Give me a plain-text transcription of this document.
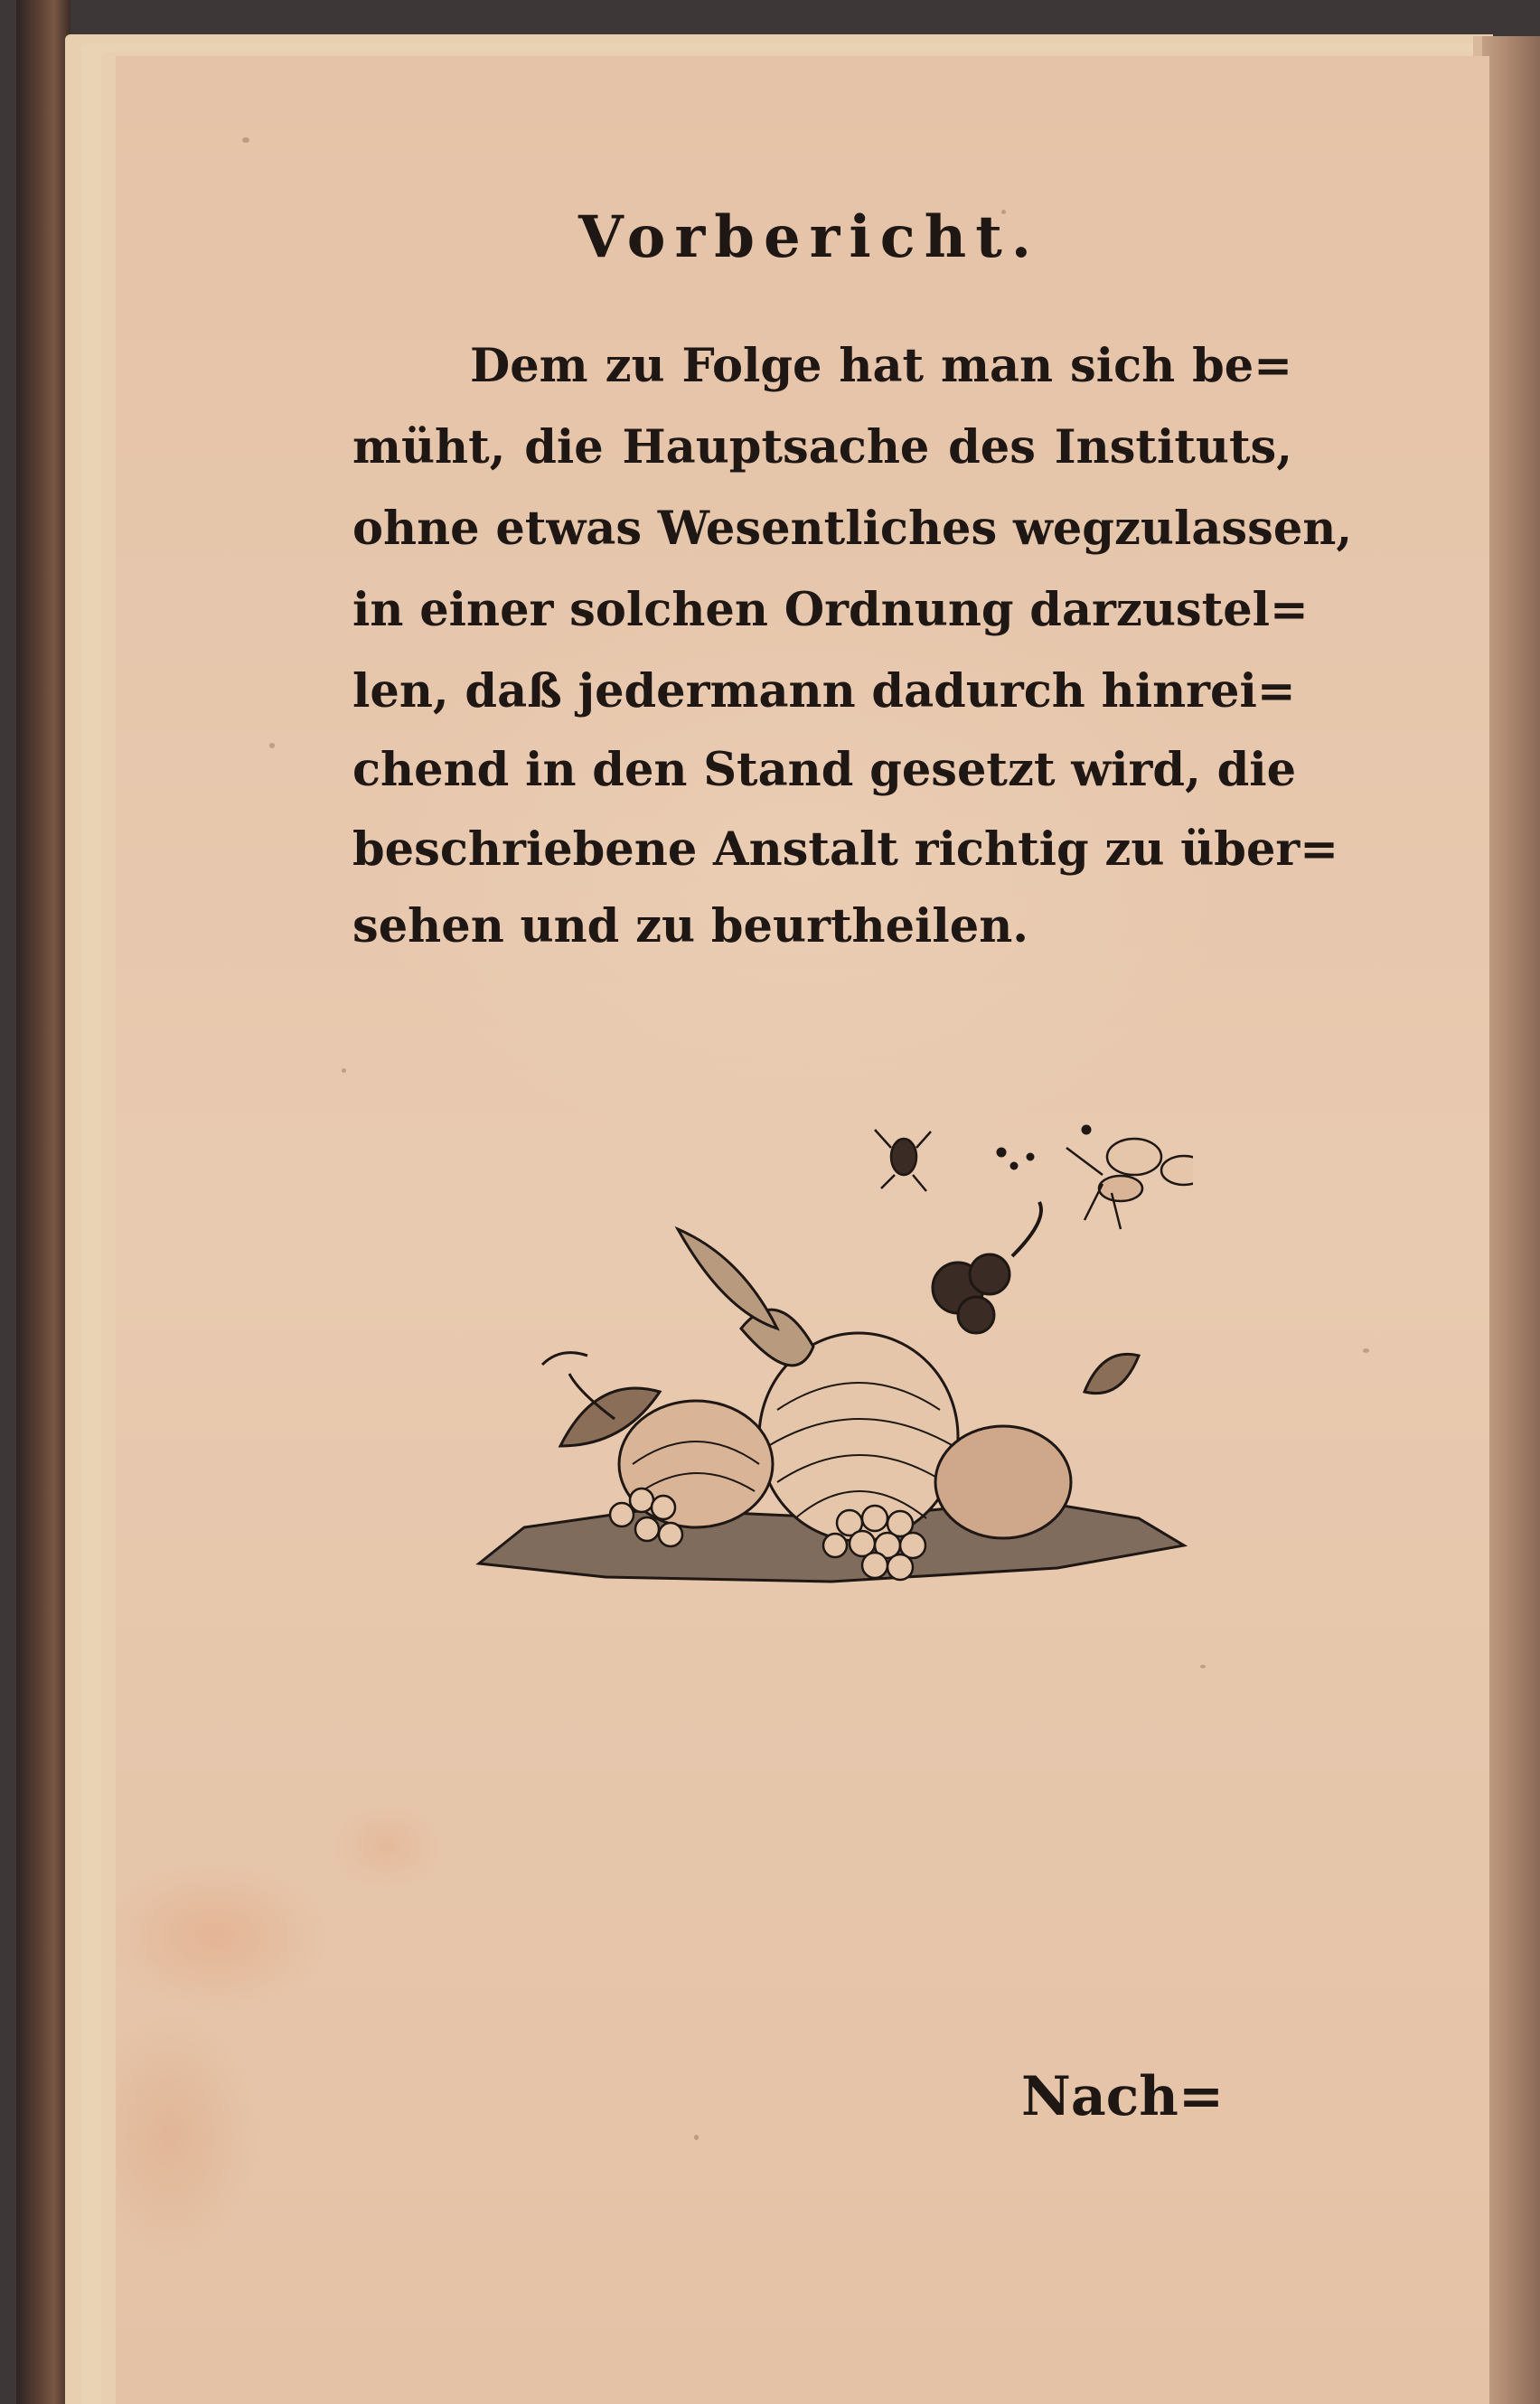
Vorbericht.
Dem zu Folge hat man sich be=
müht, die Hauptsache des Instituts,
ohne etwas Wesentliches wegzulassen,
in einer solchen Ordnung darzustel=
len, daß jedermann dadurch hinrei=
chend in den Stand gesetzt wird, die
beschriebene Anstalt richtig zu über=
sehen und zu beurtheilen.
Nach=
